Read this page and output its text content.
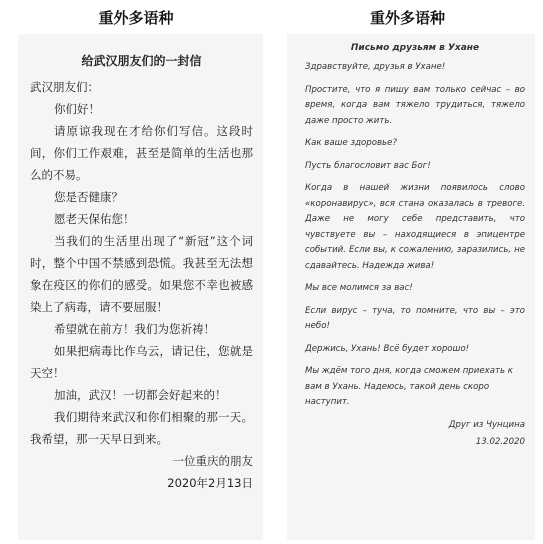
重外多语种	重外多语种

给武汉朋友们的一封信

武汉朋友们：

你们好！

请原谅我现在才给你们写信。这段时间，你们工作艰难，甚至是简单的生活也那么的不易。

您是否健康？

愿老天保佑您！

当我们的生活里出现了“新冠”这个词时，整个中国不禁感到恐慌。我甚至无法想象在疫区的你们的感受。如果您不幸也被感染上了病毒，请不要屈服！

希望就在前方！我们为您祈祷！

如果把病毒比作乌云，请记住，您就是天空！

加油，武汉！一切都会好起来的！

我们期待来武汉和你们相聚的那一天。我希望，那一天早日到来。

一位重庆的朋友

2020年2月13日

Письмо друзьям в Ухане

Здравствуйте, друзья в Ухане!

Простите, что я пишу вам только сейчас – во время, когда вам тяжело трудиться, тяжело даже просто жить.

Как ваше здоровье?

Пусть благословит вас Бог!

Когда в нашей жизни появилось слово «коронавирус», вся стана оказалась в тревоге. Даже не могу себе представить, что чувствуете вы – находящиеся в эпицентре событий. Если вы, к сожалению, заразились, не сдавайтесь. Надежда жива!

Мы все молимся за вас!

Если вирус – туча, то помните, что вы – это небо!

Держись, Ухань! Всё будет хорошо!

Мы ждём того дня, когда сможем приехать к вам в Ухань. Надеюсь, такой день скоро наступит.

Друг из Чунцина

13.02.2020
